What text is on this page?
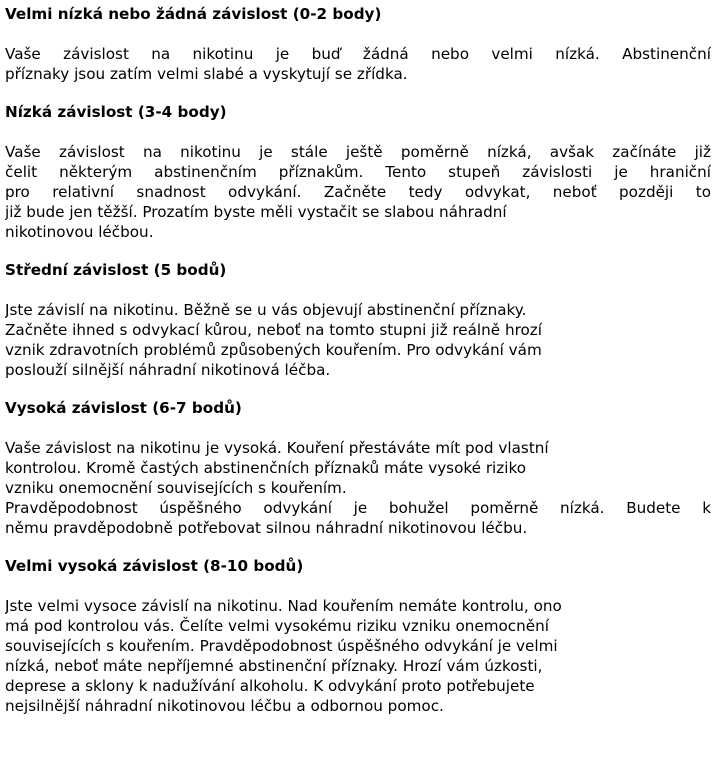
Velmi nízká nebo žádná závislost (0-2 body)

Vaše závislost na nikotinu je buď žádná nebo velmi nízká. Abstinenční
příznaky jsou zatím velmi slabé a vyskytují se zřídka.

Nízká závislost (3-4 body)

Vaše závislost na nikotinu je stále ještě poměrně nízká, avšak začínáte již
čelit některým abstinenčním příznakům. Tento stupeň závislosti je hraniční
pro relativní snadnost odvykání. Začněte tedy odvykat, neboť později to
již bude jen těžší. Prozatím byste měli vystačit se slabou náhradní
nikotinovou léčbou.

Střední závislost (5 bodů)

Jste závislí na nikotinu. Běžně se u vás objevují abstinenční příznaky.
Začněte ihned s odvykací kůrou, neboť na tomto stupni již reálně hrozí
vznik zdravotních problémů způsobených kouřením. Pro odvykání vám
poslouží silnější náhradní nikotinová léčba.

Vysoká závislost (6-7 bodů)

Vaše závislost na nikotinu je vysoká. Kouření přestáváte mít pod vlastní
kontrolou. Kromě častých abstinenčních příznaků máte vysoké riziko
vzniku onemocnění souvisejících s kouřením.
Pravděpodobnost úspěšného odvykání je bohužel poměrně nízká. Budete k
němu pravděpodobně potřebovat silnou náhradní nikotinovou léčbu.

Velmi vysoká závislost (8-10 bodů)

Jste velmi vysoce závislí na nikotinu. Nad kouřením nemáte kontrolu, ono
má pod kontrolou vás. Čelíte velmi vysokému riziku vzniku onemocnění
souvisejících s kouřením. Pravděpodobnost úspěšného odvykání je velmi
nízká, neboť máte nepříjemné abstinenční příznaky. Hrozí vám úzkosti,
deprese a sklony k nadužívání alkoholu. K odvykání proto potřebujete
nejsilnější náhradní nikotinovou léčbu a odbornou pomoc.
